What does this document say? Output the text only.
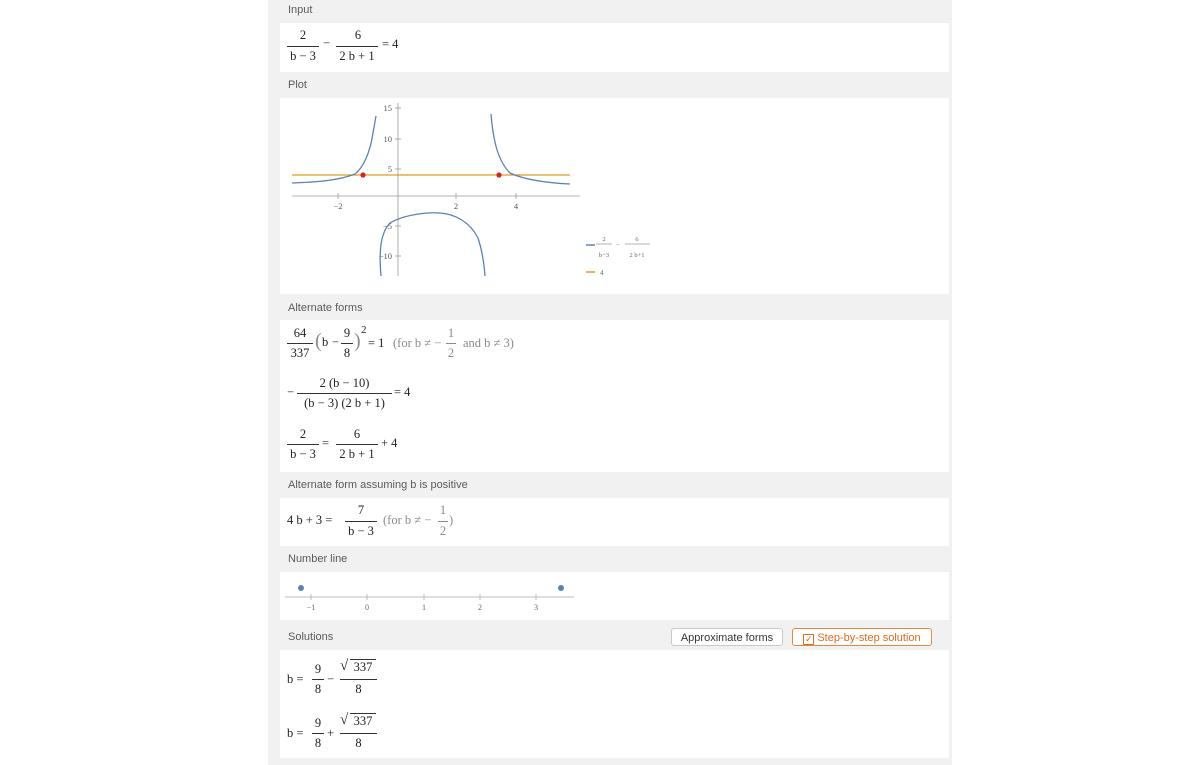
Input
2
b − 3
−
6
2 b + 1
= 4
Plot
15
10
5
−5
−10
−2	2	4
2
b−3
−
6
2 b+1
4
Alternate forms
64
337
( b −
9
8
) 2
= 1 (for b ≠ −
1
2
and b ≠ 3)
−
2 (b − 10)
(b − 3) (2 b + 1)
= 4
2
b − 3
=
6
2 b + 1
+ 4
Alternate form assuming b is positive
4 b + 3 =
7
b − 3
(for b ≠ −
1
2
)
Number line
−1	0	1	2	3
Solutions	Approximate forms	✓ Step-by-step solution
b =
9
8
−
√ 337
8
b =
9
8
+
√ 337
8
